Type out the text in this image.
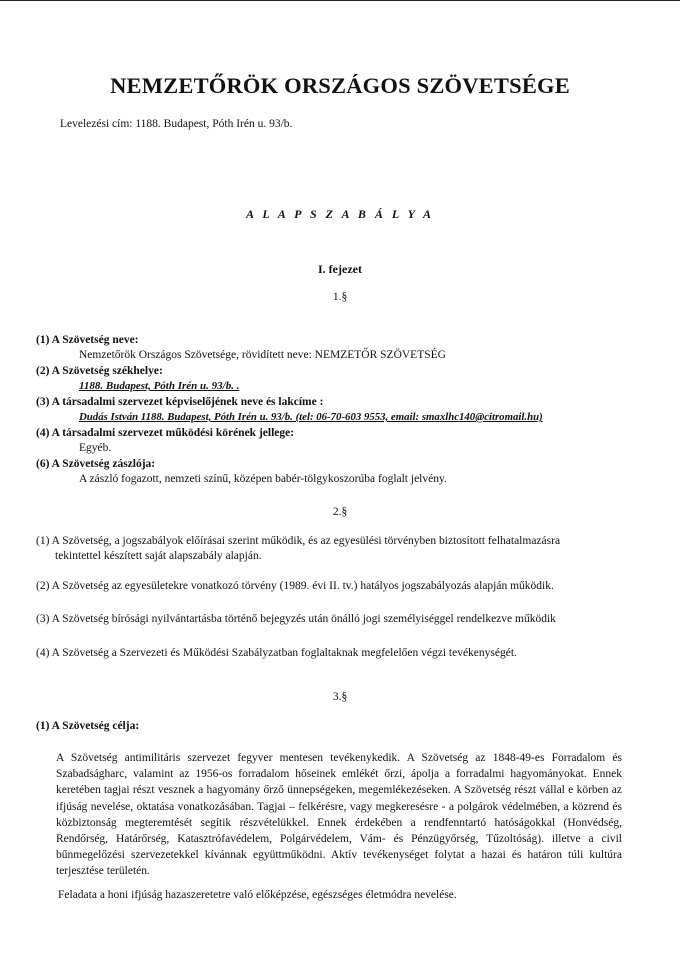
NEMZETŐRÖK ORSZÁGOS SZÖVETSÉGE
Levelezési cím: 1188. Budapest, Póth Irén u. 93/b.
A L A P S Z A B Á L Y A
I. fejezet
1.§
(1) A Szövetség neve:
Nemzetőrök Országos Szövetsége, rövidített neve: NEMZETŐR SZÖVETSÉG
(2) A Szövetség székhelye:
1188. Budapest, Póth Irén u. 93/b. .
(3) A társadalmi szervezet képviselőjének neve és lakcíme :
Dudás István 1188. Budapest, Póth Irén u. 93/b. (tel: 06-70-603 9553, email: smaxlhc140@citromail.hu)
(4) A társadalmi szervezet működési körének jellege:
Egyéb.
(6) A Szövetség zászlója:
A zászló fogazott, nemzeti színű, középen babér-tölgykoszorúba foglalt jelvény.
2.§
(1) A Szövetség, a jogszabályok előírásai szerint működik, és az egyesülési törvényben biztosított felhatalmazásra
tekintettel készített saját alapszabály alapján.
(2) A Szövetség az egyesületekre vonatkozó törvény (1989. évi II. tv.) hatályos jogszabályozás alapján működik.
(3) A Szövetség bírósági nyilvántartásba történő bejegyzés után önálló jogi személyiséggel rendelkezve működik
(4) A Szövetség a Szervezeti és Működési Szabályzatban foglaltaknak megfelelően végzi tevékenységét.
3.§
(1) A Szövetség célja:
A Szövetség antimilitáris szervezet fegyver mentesen tevékenykedik. A Szövetség az 1848-49-es Forradalom és Szabadságharc, valamint az 1956-os forradalom hőseinek emlékét őrzi, ápolja a forradalmi hagyományokat. Ennek keretében tagjai részt vesznek a hagyomány őrző ünnepségeken, megemlékezéseken. A Szövetség részt vállal e körben az ifjúság nevelése, oktatása vonatkozásában. Tagjai – felkérésre, vagy megkeresésre - a polgárok védelmében, a közrend és közbiztonság megteremtését segítik részvételükkel. Ennek érdekében a rendfenntartó hatóságokkal (Honvédség, Rendőrség, Határőrség, Katasztrófavédelem, Polgárvédelem, Vám- és Pénzügyőrség, Tűzoltóság). illetve a civil bűnmegelőzési szervezetekkel kívánnak együttműködni. Aktív tevékenységet folytat a hazai és határon túli kultúra terjesztése területén.
Feladata a honi ifjúság hazaszeretetre való előképzése, egészséges életmódra nevelése.
